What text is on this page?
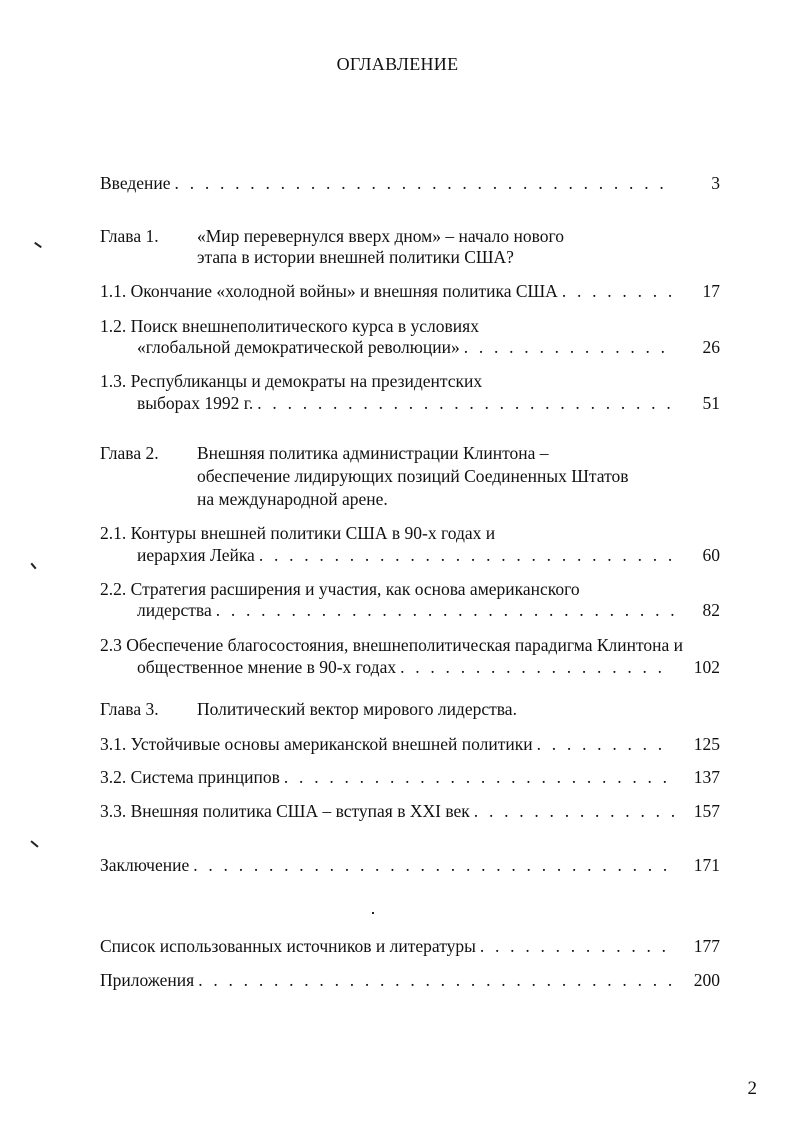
ОГЛАВЛЕНИЕ
Введение . . .	3
Глава 1.	«Мир перевернулся вверх дном» – начало нового
этапа в истории внешней политики США?
1.1. Окончание «холодной войны» и внешняя политика США . . .	17
1.2. Поиск внешнеполитического курса в условиях
«глобальной демократической революции» . . .	26
1.3. Республиканцы и демократы на президентских
выборах 1992 г. . . .	51
Глава 2.	Внешняя политика администрации Клинтона –
обеспечение лидирующих позиций Соединенных Штатов
на международной арене.
2.1. Контуры внешней политики США в 90-х годах и
иерархия Лейка . . .	60
2.2. Стратегия расширения и участия, как основа американского
лидерства . . .	82
2.3 Обеспечение благосостояния, внешнеполитическая парадигма Клинтона и
общественное мнение в 90-х годах . . .	102
Глава 3.	Политический вектор мирового лидерства.
3.1. Устойчивые основы американской внешней политики . . .	125
3.2. Система принципов . . .	137
3.3. Внешняя политика США – вступая в XXI век . . .	157
Заключение . . .	171
Список использованных источников и литературы . . .	177
Приложения . . .	200
2
